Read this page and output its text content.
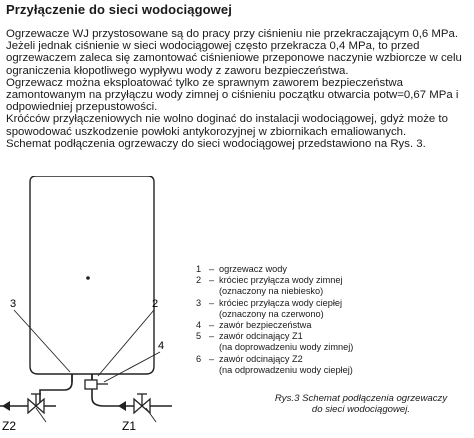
Przyłączenie do sieci wodociągowej

Ogrzewacze WJ przystosowane są do pracy przy ciśnieniu nie przekraczającym 0,6 MPa. Jeżeli jednak ciśnienie w sieci wodociągowej często przekracza 0,4 MPa, to przed ogrzewaczem zaleca się zamontować ciśnieniowe przeponowe naczynie wzbiorcze w celu ograniczenia kłopotliwego wypływu wody z zaworu bezpieczeństwa.

Ogrzewacz można eksploatować tylko ze sprawnym zaworem bezpieczeństwa zamontowanym na przyłączu wody zimnej o ciśnieniu początku otwarcia potw=0,67 MPa i odpowiedniej przepustowości.

Króćców przyłączeniowych nie wolno doginać do instalacji wodociągowej, gdyż może to spowodować uszkodzenie powłoki antykorozyjnej w zbiornikach emaliowanych.

Schemat podłączenia ogrzewaczy do sieci wodociągowej przedstawiono na Rys. 3.

3	2
4
Z2	Z1
1 – ogrzewacz wody
2 – króciec przyłącza wody zimnej
(oznaczony na niebiesko)
3 – króciec przyłącza wody ciepłej
(oznaczony na czerwono)
4 – zawór bezpieczeństwa
5 – zawór odcinający Z1
(na doprowadzeniu wody zimnej)
6 – zawór odcinający Z2
(na odprowadzeniu wody ciepłej)
Rys.3 Schemat podłączenia ogrzewaczy
do sieci wodociągowej.
